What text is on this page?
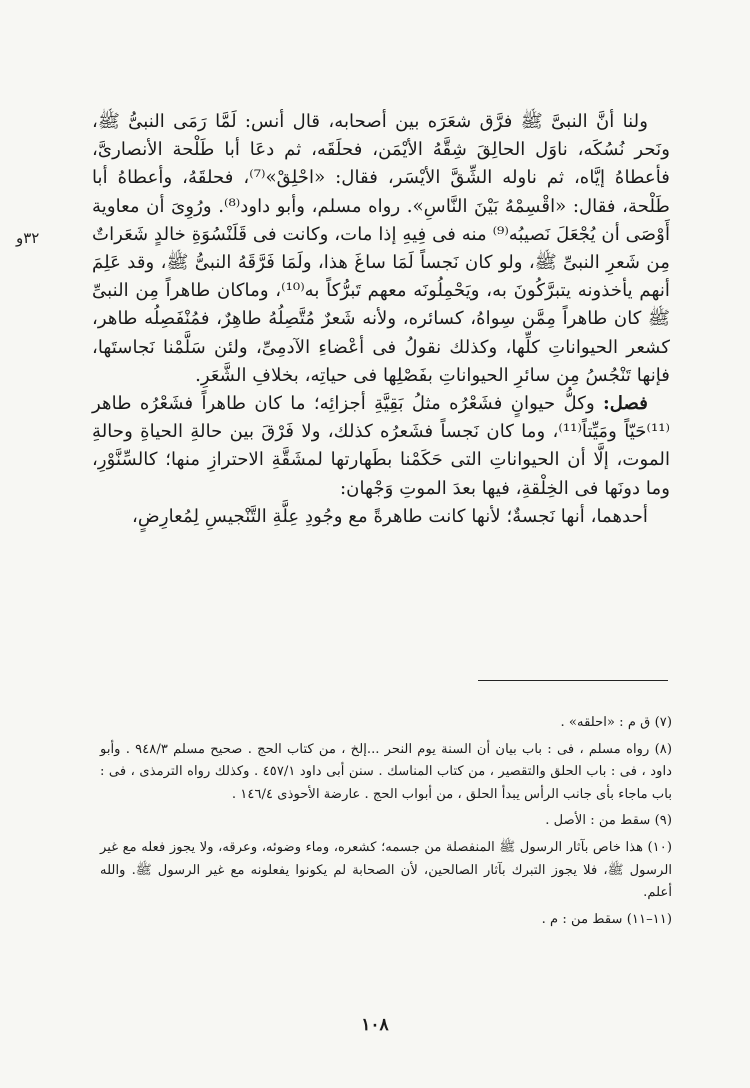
٣٢و

ولنا أنَّ النبىَّ ﷺ فرَّق شعَرَه بين أصحابه، قال أنس: لَمَّا رَمَى النبىُّ ﷺ، ونَحر نُسُكَه، ناوَل الحالِقَ شِقَّهُ الأيْمَن، فحلَقَه، ثم دعَا أبا طَلْحة الأنصارىَّ، فأعطاهُ إيَّاه، ثم ناوله الشِّقَّ الأيْسَر، فقال: «احْلِقْ»⁽⁷⁾، فحلقَهُ، وأعطاهُ أبا طَلْحة، فقال: «اقْسِمْهُ بَيْنَ النَّاسِ». رواه مسلم، وأبو داود⁽⁸⁾. ورُوِىَ أن معاوية أَوْصَى أن يُجْعَلَ نَصيبُه⁽⁹⁾ منه فى فِيهِ إذا مات، وكانت فى قَلَنْسُوَةِ خالدٍ شَعَراتٌ مِن شَعرِ النبىِّ ﷺ، ولو كان نَجساً لَمَا ساغَ هذا، ولَمَا فَرَّقَهُ النبىُّ ﷺ، وقد عَلِمَ أنهم يأخذونه يتبرَّكُونَ به، ويَحْمِلُونَه معهم تَبرُّكاً به⁽¹⁰⁾، وماكان طاهراً مِن النبىِّ ﷺ كان طاهراً مِمَّن سِواهُ، كسائره، ولأنه شَعرٌ مُتَّصِلُهُ طاهِرٌ، فمُنْفَصِلُه طاهر، كشعر الحيواناتِ كلِّها، وكذلك نقولُ فى أعْضاءِ الآدمِىِّ، ولئن سَلَّمْنا نَجاستَها، فإنها تَنْجُسُ مِن سائرِ الحيواناتِ بفَصْلِها فى حياتِه، بخلافِ الشَّعَرِ.

فصل: وكلُّ حيوانٍ فشَعْرُه مثلُ بَقِيَّةِ أجزائِه؛ ما كان طاهراً فشَعْرُه طاهر ⁽¹¹⁾حَيّاً ومَيِّتاً⁽¹¹⁾، وما كان نَجساً فشَعرُه كذلك، ولا فَرْقَ بين حالةِ الحياةِ وحالةِ الموت، إلَّا أن الحيواناتِ التى حَكَمْنا بطَهارتها لمشَقَّةِ الاحترازِ منها؛ كالسِّنَّوْرِ، وما دونَها فى الخِلْقةِ، فيها بعدَ الموتِ وَجْهان:

أحدهما، أنها نَجسةٌ؛ لأنها كانت طاهرةً مع وجُودِ عِلَّةِ التَّنْجيسِ لِمُعارِضٍ،

(٧) ق م : «احلقه» .

(٨) رواه مسلم ، فى : باب بيان أن السنة يوم النحر ...إلخ ، من كتاب الحج . صحيح مسلم ٩٤٨/٣ . وأبو داود ، فى : باب الحلق والتقصير ، من كتاب المناسك . سنن أبى داود ٤٥٧/١ . وكذلك رواه الترمذى ، فى : باب ماجاء بأى جانب الرأس يبدأ الحلق ، من أبواب الحج . عارضة الأحوذى ١٤٦/٤ .

(٩) سقط من : الأصل .

(١٠) هذا خاص بآثار الرسول ﷺ المنفصلة من جسمه؛ كشعره، وماء وضوئه، وعرقه، ولا يجوز فعله مع غير الرسول ﷺ، فلا يجوز التبرك بآثار الصالحين، لأن الصحابة لم يكونوا يفعلونه مع غير الرسول ﷺ. والله أعلم.

(١١–١١) سقط من : م .

١٠٨
